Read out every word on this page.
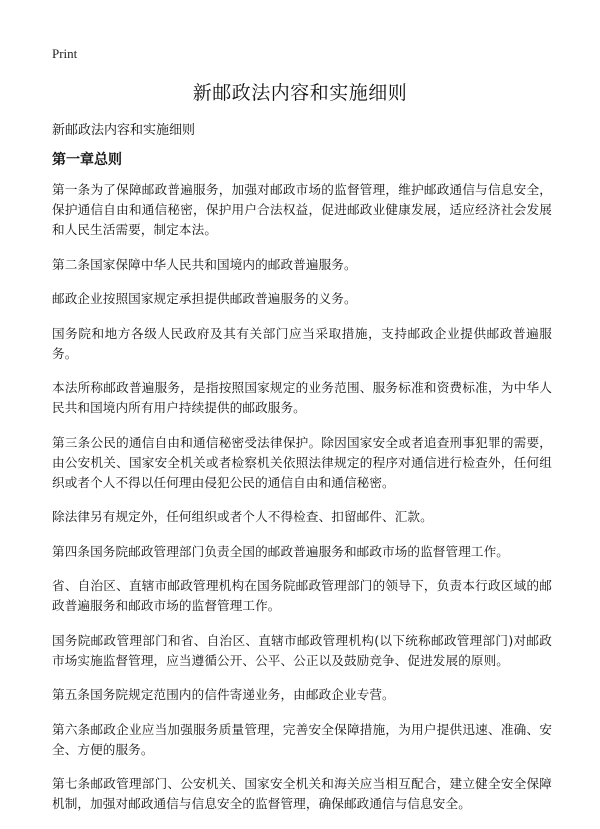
Print
新邮政法内容和实施细则

新邮政法内容和实施细则

第一章总则

第一条为了保障邮政普遍服务，加强对邮政市场的监督管理，维护邮政通信与信息安全，保护通信自由和通信秘密，保护用户合法权益，促进邮政业健康发展，适应经济社会发展和人民生活需要，制定本法。

第二条国家保障中华人民共和国境内的邮政普遍服务。

邮政企业按照国家规定承担提供邮政普遍服务的义务。

国务院和地方各级人民政府及其有关部门应当采取措施，支持邮政企业提供邮政普遍服务。

本法所称邮政普遍服务，是指按照国家规定的业务范围、服务标准和资费标准，为中华人民共和国境内所有用户持续提供的邮政服务。

第三条公民的通信自由和通信秘密受法律保护。除因国家安全或者追查刑事犯罪的需要，由公安机关、国家安全机关或者检察机关依照法律规定的程序对通信进行检查外，任何组织或者个人不得以任何理由侵犯公民的通信自由和通信秘密。

除法律另有规定外，任何组织或者个人不得检查、扣留邮件、汇款。

第四条国务院邮政管理部门负责全国的邮政普遍服务和邮政市场的监督管理工作。

省、自治区、直辖市邮政管理机构在国务院邮政管理部门的领导下，负责本行政区域的邮政普遍服务和邮政市场的监督管理工作。

国务院邮政管理部门和省、自治区、直辖市邮政管理机构(以下统称邮政管理部门)对邮政市场实施监督管理，应当遵循公开、公平、公正以及鼓励竞争、促进发展的原则。

第五条国务院规定范围内的信件寄递业务，由邮政企业专营。

第六条邮政企业应当加强服务质量管理，完善安全保障措施，为用户提供迅速、准确、安全、方便的服务。

第七条邮政管理部门、公安机关、国家安全机关和海关应当相互配合，建立健全安全保障机制，加强对邮政通信与信息安全的监督管理，确保邮政通信与信息安全。
